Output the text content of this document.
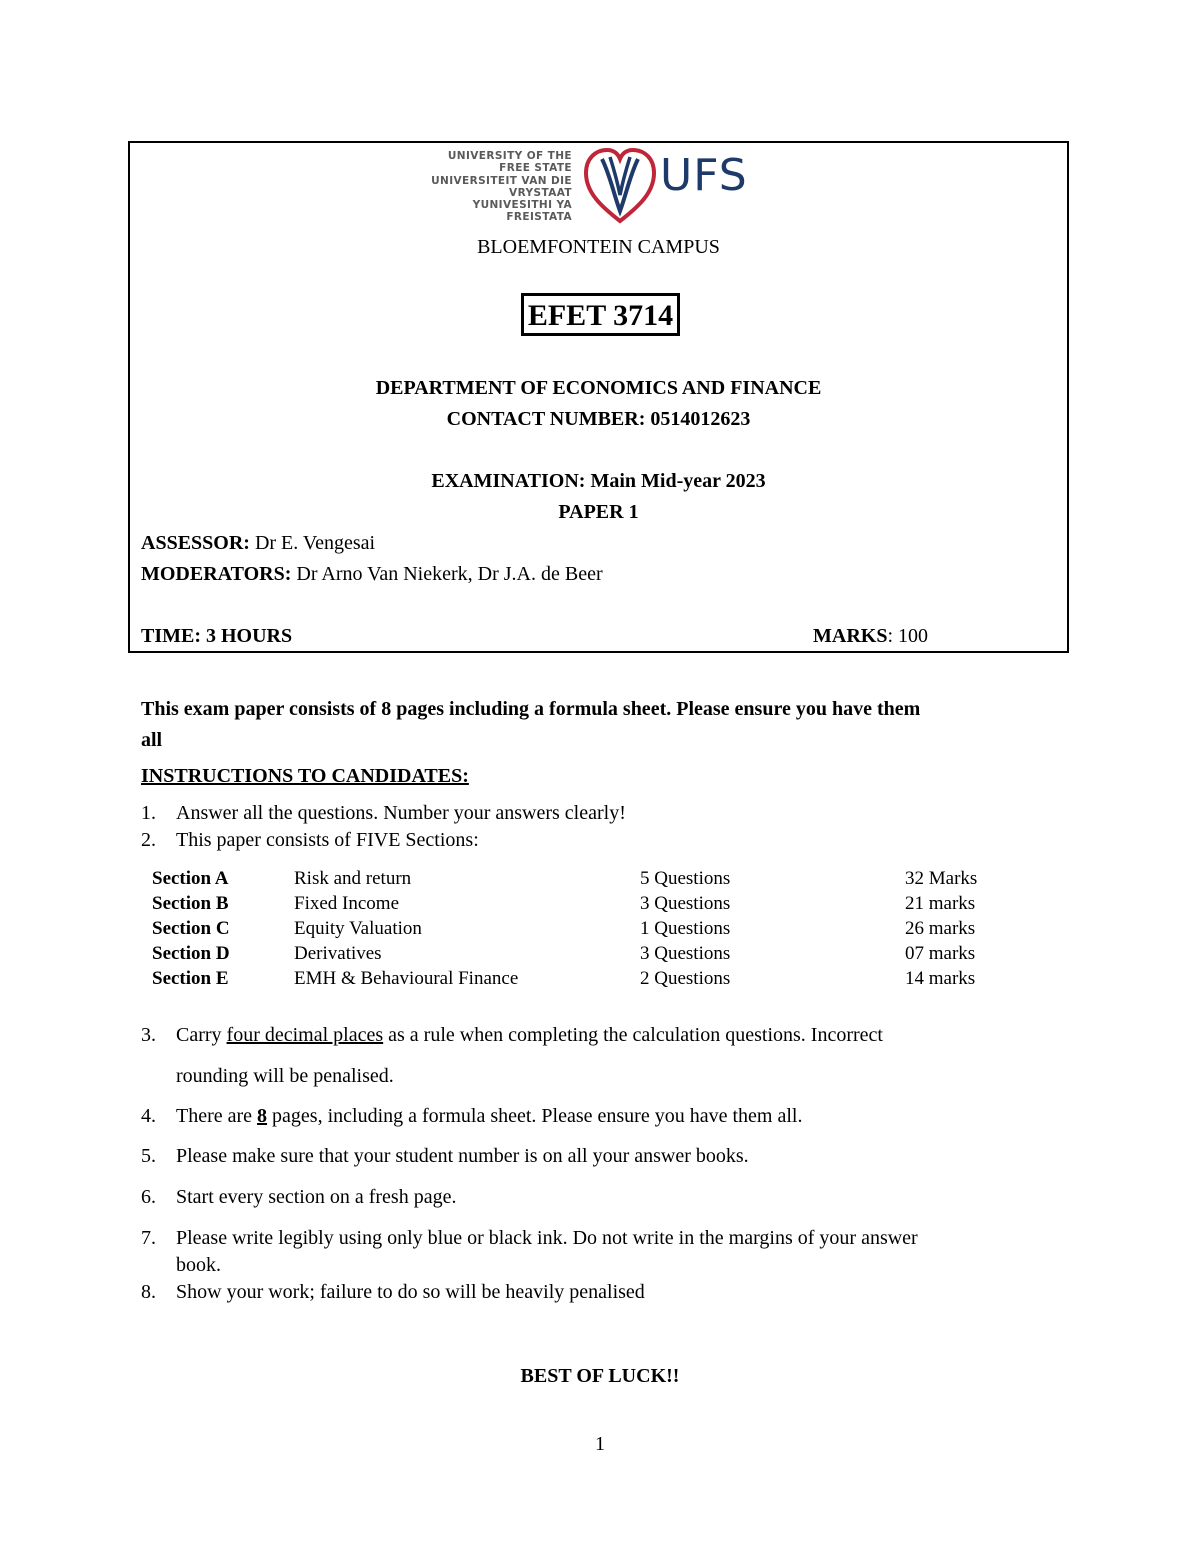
UNIVERSITY OF THE
FREE STATE
UNIVERSITEIT VAN DIE
VRYSTAAT
YUNIVESITHI YA
FREISTATA
UFS
BLOEMFONTEIN CAMPUS
EFET 3714
DEPARTMENT OF ECONOMICS AND FINANCE
CONTACT NUMBER: 0514012623
EXAMINATION: Main Mid-year 2023
PAPER 1
ASSESSOR: Dr E. Vengesai
MODERATORS: Dr Arno Van Niekerk, Dr J.A. de Beer
TIME: 3 HOURS	MARKS: 100
This exam paper consists of 8 pages including a formula sheet. Please ensure you have them
all
INSTRUCTIONS TO CANDIDATES:
1. Answer all the questions. Number your answers clearly!
2. This paper consists of FIVE Sections:
Section A	Risk and return	5 Questions	32 Marks
Section B	Fixed Income	3 Questions	21 marks
Section C	Equity Valuation	1 Questions	26 marks
Section D	Derivatives	3 Questions	07 marks
Section E	EMH & Behavioural Finance	2 Questions	14 marks
3. Carry four decimal places as a rule when completing the calculation questions. Incorrect
rounding will be penalised.
4. There are 8 pages, including a formula sheet. Please ensure you have them all.
5. Please make sure that your student number is on all your answer books.
6. Start every section on a fresh page.
7. Please write legibly using only blue or black ink. Do not write in the margins of your answer
book.
8. Show your work; failure to do so will be heavily penalised
BEST OF LUCK!!
1
